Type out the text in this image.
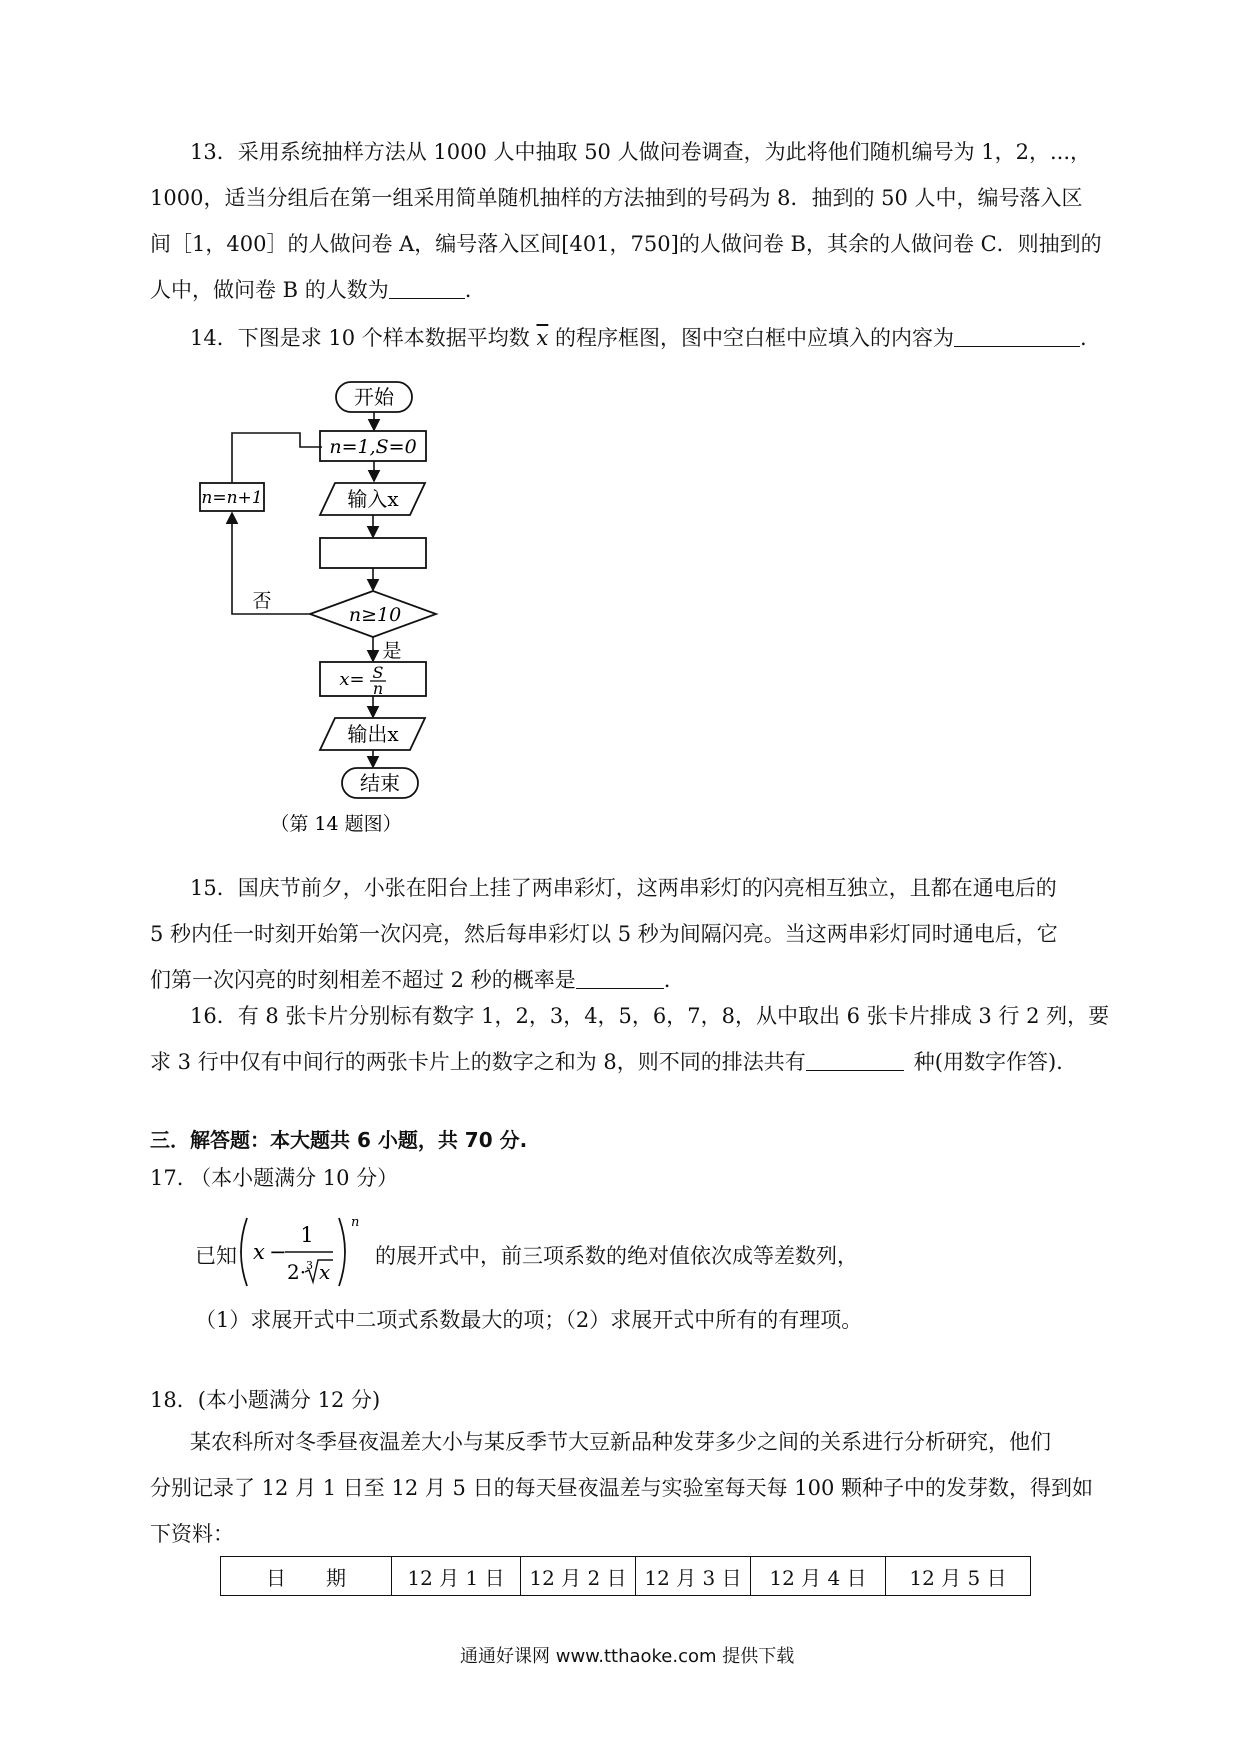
13．采用系统抽样方法从 1000 人中抽取 50 人做问卷调查，为此将他们随机编号为 1，2，...，
1000，适当分组后在第一组采用简单随机抽样的方法抽到的号码为 8．抽到的 50 人中，编号落入区
间［1，400］的人做问卷 A，编号落入区间[401，750]的人做问卷 B，其余的人做问卷 C．则抽到的
人中，做问卷 B 的人数为	.
14．下图是求 10 个样本数据平均数 $\overline{x}$ 的程序框图，图中空白框中应填入的内容为	.
开始
n=1,S=0
输入x
n≥10
否
n=n+1
是
x= S
n
输出x
结束
（第 14 题图）
15．国庆节前夕，小张在阳台上挂了两串彩灯，这两串彩灯的闪亮相互独立，且都在通电后的
5 秒内任一时刻开始第一次闪亮，然后每串彩灯以 5 秒为间隔闪亮。当这两串彩灯同时通电后，它
们第一次闪亮的时刻相差不超过 2 秒的概率是	.
16．有 8 张卡片分别标有数字 1，2，3，4，5，6，7，8，从中取出 6 张卡片排成 3 行 2 列，要
求 3 行中仅有中间行的两张卡片上的数字之和为 8，则不同的排法共有	种(用数字作答).
三．解答题：本大题共 6 小题，共 70 分.
17. （本小题满分 10 分）
已知 x −
1
2· 3 x
n
的展开式中，前三项系数的绝对值依次成等差数列，
（1）求展开式中二项式系数最大的项；（2）求展开式中所有的有理项。
18．(本小题满分 12 分)
某农科所对冬季昼夜温差大小与某反季节大豆新品种发芽多少之间的关系进行分析研究，他们
分别记录了 12 月 1 日至 12 月 5 日的每天昼夜温差与实验室每天每 100 颗种子中的发芽数，得到如
下资料：
日　　期	12 月 1 日	12 月 2 日	12 月 3 日	12 月 4 日	12 月 5 日
通通好课网 www.tthaoke.com 提供下载
